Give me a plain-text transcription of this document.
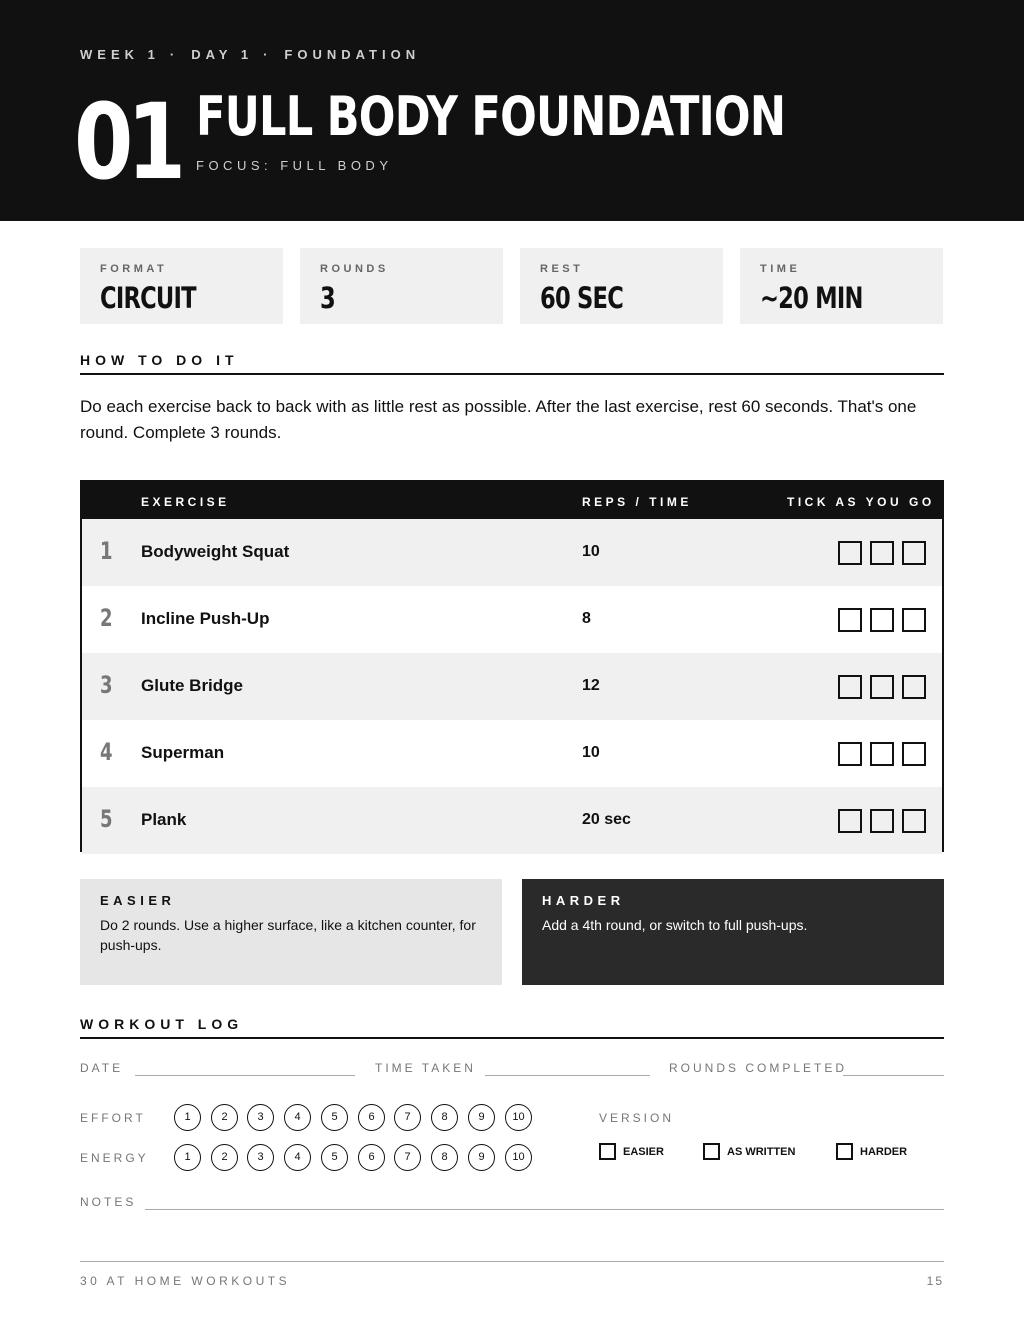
WEEK 1 · DAY 1 · FOUNDATION
01 FULL BODY FOUNDATION
FOCUS: FULL BODY
FORMAT
CIRCUIT
ROUNDS
3
REST
60 SEC
TIME
~20 MIN
HOW TO DO IT
Do each exercise back to back with as little rest as possible. After the last exercise, rest 60 seconds. That's one round. Complete 3 rounds.
EXERCISE	REPS / TIME	TICK AS YOU GO
1 Bodyweight Squat	10
2 Incline Push-Up	8
3 Glute Bridge	12
4 Superman	10
5 Plank	20 sec
EASIER
Do 2 rounds. Use a higher surface, like a kitchen counter, for push-ups.
HARDER
Add a 4th round, or switch to full push-ups.
WORKOUT LOG
DATE	TIME TAKEN	ROUNDS COMPLETED
EFFORT	1	2	3	4	5	6	7	8	9	10
ENERGY	1	2	3	4	5	6	7	8	9	10
VERSION
EASIER	AS WRITTEN	HARDER
NOTES
30 AT HOME WORKOUTS	15
